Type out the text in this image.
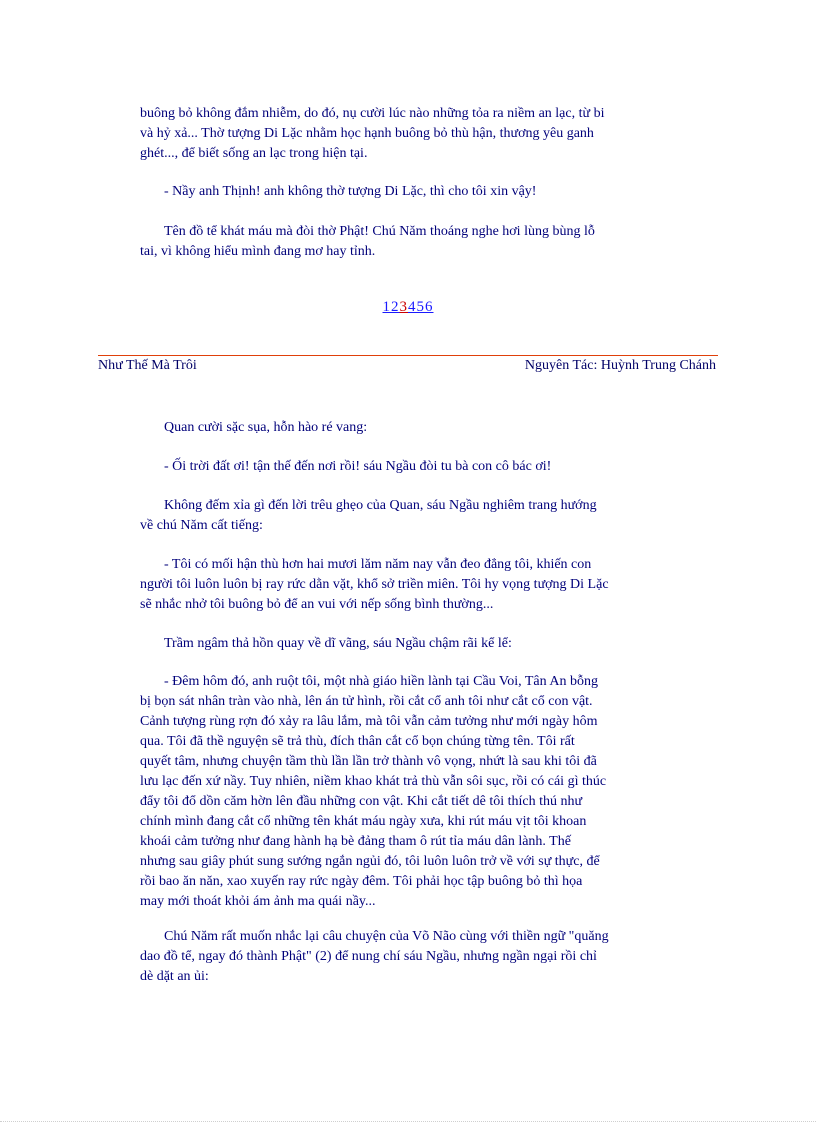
buông bỏ không đắm nhiễm, do đó, nụ cười lúc nào những tỏa ra niềm an lạc, từ bi
và hỷ xả... Thờ tượng Di Lặc nhằm học hạnh buông bỏ thù hận, thương yêu ganh
ghét..., để biết sống an lạc trong hiện tại.

- Nầy anh Thịnh! anh không thờ tượng Di Lặc, thì cho tôi xin vậy!

Tên đồ tể khát máu mà đòi thờ Phật! Chú Năm thoáng nghe hơi lùng bùng lỗ
tai, vì không hiểu mình đang mơ hay tỉnh.

123456
Như Thế Mà Trôi	Nguyên Tác: Huỳnh Trung Chánh

Quan cười sặc sụa, hỗn hào ré vang:

- Ối trời đất ơi! tận thế đến nơi rồi! sáu Ngầu đòi tu bà con cô bác ơi!

Không đếm xỉa gì đến lời trêu ghẹo của Quan, sáu Ngầu nghiêm trang hướng
về chú Năm cất tiếng:

- Tôi có mối hận thù hơn hai mươi lăm năm nay vẫn đeo đẳng tôi, khiến con
người tôi luôn luôn bị ray rức dằn vặt, khổ sở triền miên. Tôi hy vọng tượng Di Lặc
sẽ nhắc nhở tôi buông bỏ để an vui với nếp sống bình thường...

Trầm ngâm thả hồn quay về dĩ vãng, sáu Ngầu chậm rãi kể lể:

- Đêm hôm đó, anh ruột tôi, một nhà giáo hiền lành tại Cầu Voi, Tân An bỗng
bị bọn sát nhân tràn vào nhà, lên án tử hình, rồi cắt cổ anh tôi như cắt cổ con vật.
Cảnh tượng rùng rợn đó xảy ra lâu lắm, mà tôi vẫn cảm tưởng như mới ngày hôm
qua. Tôi đã thề nguyện sẽ trả thù, đích thân cắt cổ bọn chúng từng tên. Tôi rất
quyết tâm, nhưng chuyện tầm thù lần lần trở thành vô vọng, nhứt là sau khi tôi đã
lưu lạc đến xứ nầy. Tuy nhiên, niềm khao khát trả thù vẫn sôi sục, rồi có cái gì thúc
đẩy tôi đổ dồn căm hờn lên đầu những con vật. Khi cắt tiết dê tôi thích thú như
chính mình đang cắt cổ những tên khát máu ngày xưa, khi rút máu vịt tôi khoan
khoái cảm tưởng như đang hành hạ bè đảng tham ô rút tỉa máu dân lành. Thế
nhưng sau giây phút sung sướng ngắn ngủi đó, tôi luôn luôn trở về với sự thực, để
rồi bao ăn năn, xao xuyến ray rức ngày đêm. Tôi phải học tập buông bỏ thì họa
may mới thoát khỏi ám ảnh ma quái nầy...

Chú Năm rất muốn nhắc lại câu chuyện của Võ Não cùng với thiền ngữ "quăng
dao đồ tể, ngay đó thành Phật" (2) để nung chí sáu Ngầu, nhưng ngần ngại rồi chỉ
dè dặt an ủi:
